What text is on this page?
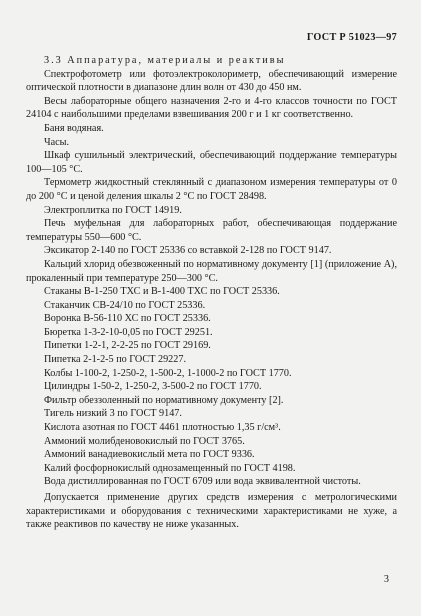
ГОСТ Р 51023—97

3.3 Аппаратура, материалы и реактивы

Спектрофотометр или фотоэлектроколориметр, обеспечивающий измерение оптической плотности в диапазоне длин волн от 430 до 450 нм.

Весы лабораторные общего назначения 2-го и 4-го классов точности по ГОСТ 24104 с наибольшими пределами взвешивания 200 г и 1 кг соответственно.

Баня водяная.

Часы.

Шкаф сушильный электрический, обеспечивающий поддержание температуры 100—105 °С.

Термометр жидкостный стеклянный с диапазоном измерения температуры от 0 до 200 °С и ценой деления шкалы 2 °С по ГОСТ 28498.

Электроплитка по ГОСТ 14919.

Печь муфельная для лабораторных работ, обеспечивающая поддержание температуры 550—600 °С.

Эксикатор 2-140 по ГОСТ 25336 со вставкой 2-128 по ГОСТ 9147.

Кальций хлорид обезвоженный по нормативному документу [1] (приложение А), прокаленный при температуре 250—300 °С.

Стаканы В-1-250 ТХС и В-1-400 ТХС по ГОСТ 25336.

Стаканчик СВ-24/10 по ГОСТ 25336.

Воронка В-56-110 ХС по ГОСТ 25336.

Бюретка 1-3-2-10-0,05 по ГОСТ 29251.

Пипетки 1-2-1, 2-2-25 по ГОСТ 29169.

Пипетка 2-1-2-5 по ГОСТ 29227.

Колбы 1-100-2, 1-250-2, 1-500-2, 1-1000-2 по ГОСТ 1770.

Цилиндры 1-50-2, 1-250-2, 3-500-2 по ГОСТ 1770.

Фильтр обеззоленный по нормативному документу [2].

Тигель низкий 3 по ГОСТ 9147.

Кислота азотная по ГОСТ 4461 плотностью 1,35 г/см³.

Аммоний молибденовокислый по ГОСТ 3765.

Аммоний ванадиевокислый мета по ГОСТ 9336.

Калий фосфорнокислый однозамещенный по ГОСТ 4198.

Вода дистиллированная по ГОСТ 6709 или вода эквивалентной чистоты.

Допускается применение других средств измерения с метрологическими характеристиками и оборудования с техническими характеристиками не хуже, а также реактивов по качеству не ниже указанных.

3
